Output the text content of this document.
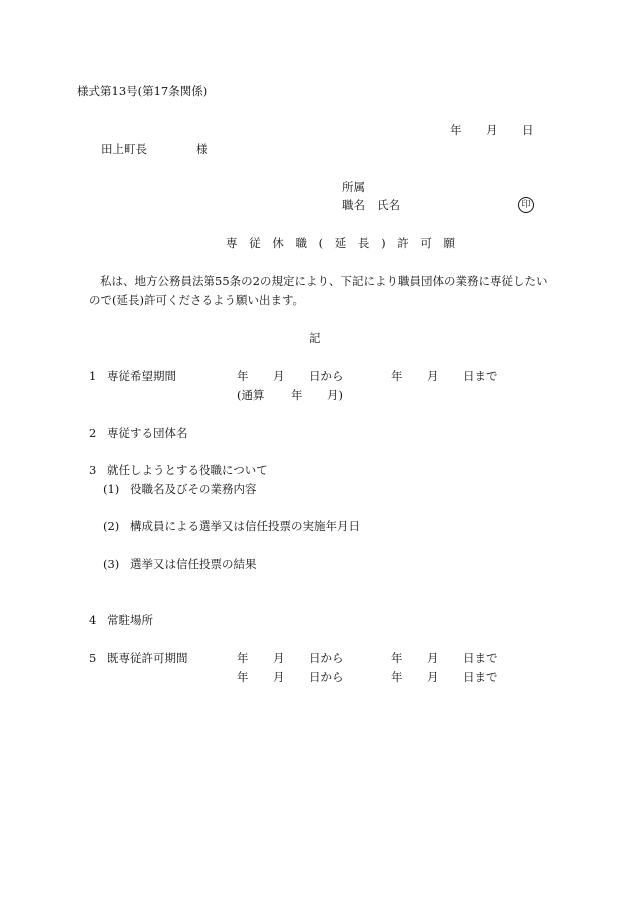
様式第13号(第17条関係)
年 月 日
田上町長	様
所属
職名 氏名	印
専 従 休 職 ( 延 長 ) 許 可 願
私は、地方公務員法第55条の2の規定により、下記により職員団体の業務に専従したい
ので(延長)許可くださるよう願い出ます。
記
1 専従希望期間	年 月 日から	年 月 日まで
(通算 年 月)
2 専従する団体名
3 就任しようとする役職について
(1) 役職名及びその業務内容
(2) 構成員による選挙又は信任投票の実施年月日
(3) 選挙又は信任投票の結果
4 常駐場所
5 既専従許可期間	年 月 日から	年 月 日まで
年 月 日から	年 月 日まで
